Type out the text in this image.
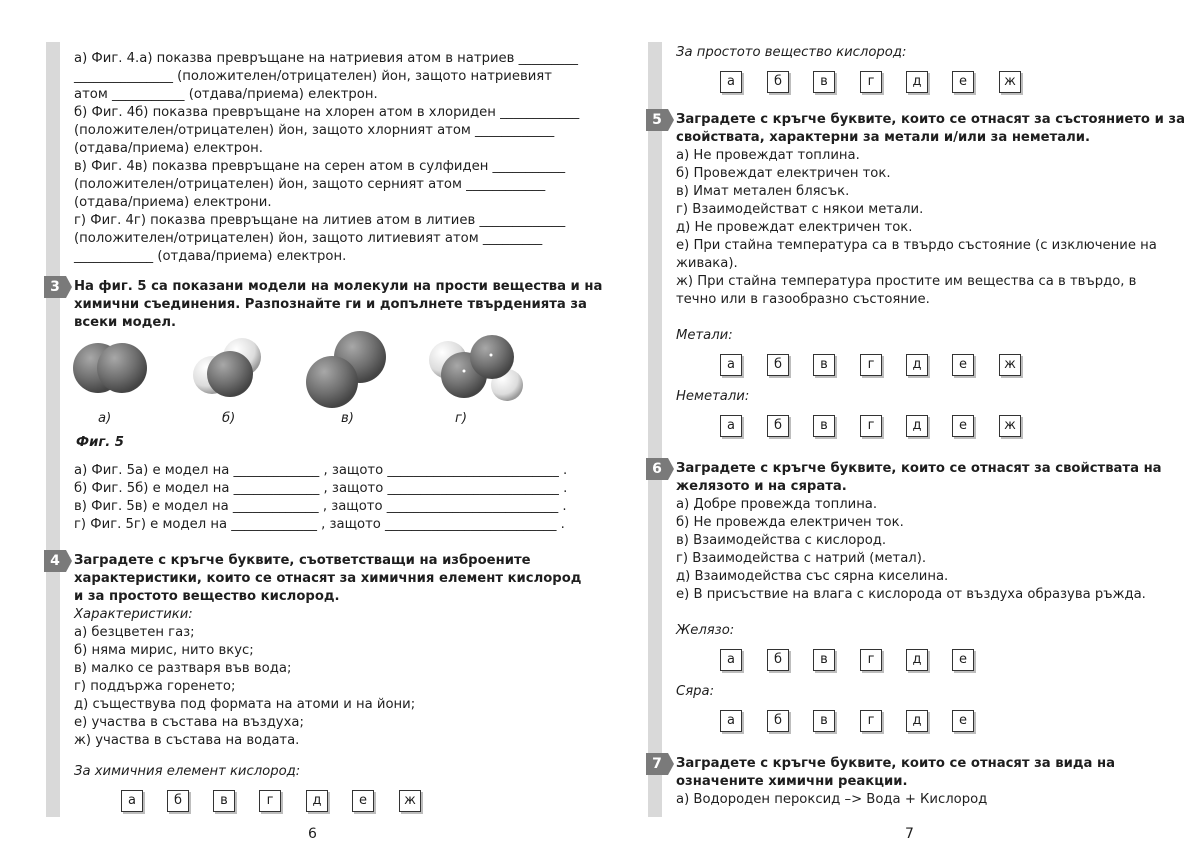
а) Фиг. 4.а) показва превръщане на натриевия атом в натриев _________
_______________ (положителен/отрицателен) йон, защото натриевият
атом ___________ (отдава/приема) електрон.
б) Фиг. 4б) показва превръщане на хлорен атом в хлориден ____________
(положителен/отрицателен) йон, защото хлорният атом ____________
(отдава/приема) електрон.
в) Фиг. 4в) показва превръщане на серен атом в сулфиден ___________
(положителен/отрицателен) йон, защото серният атом ____________
(отдава/приема) електрони.
г) Фиг. 4г) показва превръщане на литиев атом в литиев _____________
(положителен/отрицателен) йон, защото литиевият атом _________
____________ (отдава/приема) електрон.
3	На фиг. 5 са показани модели на молекули на прости вещества и на
химични съединения. Разпознайте ги и допълнете твърденията за
всеки модел.
а)	б)	в)	г)
Фиг. 5
а) Фиг. 5а) е модел на _____________ , защото __________________________ .
б) Фиг. 5б) е модел на _____________ , защото __________________________ .
в) Фиг. 5в) е модел на _____________ , защото __________________________ .
г) Фиг. 5г) е модел на _____________ , защото __________________________ .
4	Заградете с кръгче буквите, съответстващи на изброените
характеристики, които се отнасят за химичния елемент кислород
и за простото вещество кислород.
Характеристики:
а) безцветен газ;
б) няма мирис, нито вкус;
в) малко се разтваря във вода;
г) поддържа горенето;
д) съществува под формата на атоми и на йони;
е) участва в състава на въздуха;
ж) участва в състава на водата.
За химичния елемент кислород:
а	б	в	г	д	е	ж
6
За простото вещество кислород:
а	б	в	г	д	е	ж
5	Заградете с кръгче буквите, които се отнасят за състоянието и за
свойствата, характерни за метали и/или за неметали.
а) Не провеждат топлина.
б) Провеждат електричен ток.
в) Имат метален блясък.
г) Взаимодействат с някои метали.
д) Не провеждат електричен ток.
е) При стайна температура са в твърдо състояние (с изключение на
живака).
ж) При стайна температура простите им вещества са в твърдо, в
течно или в газообразно състояние.
Метали:
а	б	в	г	д	е	ж
Неметали:
а	б	в	г	д	е	ж
6	Заградете с кръгче буквите, които се отнасят за свойствата на
желязото и на сярата.
а) Добре провежда топлина.
б) Не провежда електричен ток.
в) Взаимодейства с кислород.
г) Взаимодейства с натрий (метал).
д) Взаимодейства със сярна киселина.
е) В присъствие на влага с кислорода от въздуха образува ръжда.
Желязо:
а	б	в	г	д	е
Сяра:
а	б	в	г	д	е
7	Заградете с кръгче буквите, които се отнасят за вида на
означените химични реакции.
а) Водороден пероксид –> Вода + Кислород
7
